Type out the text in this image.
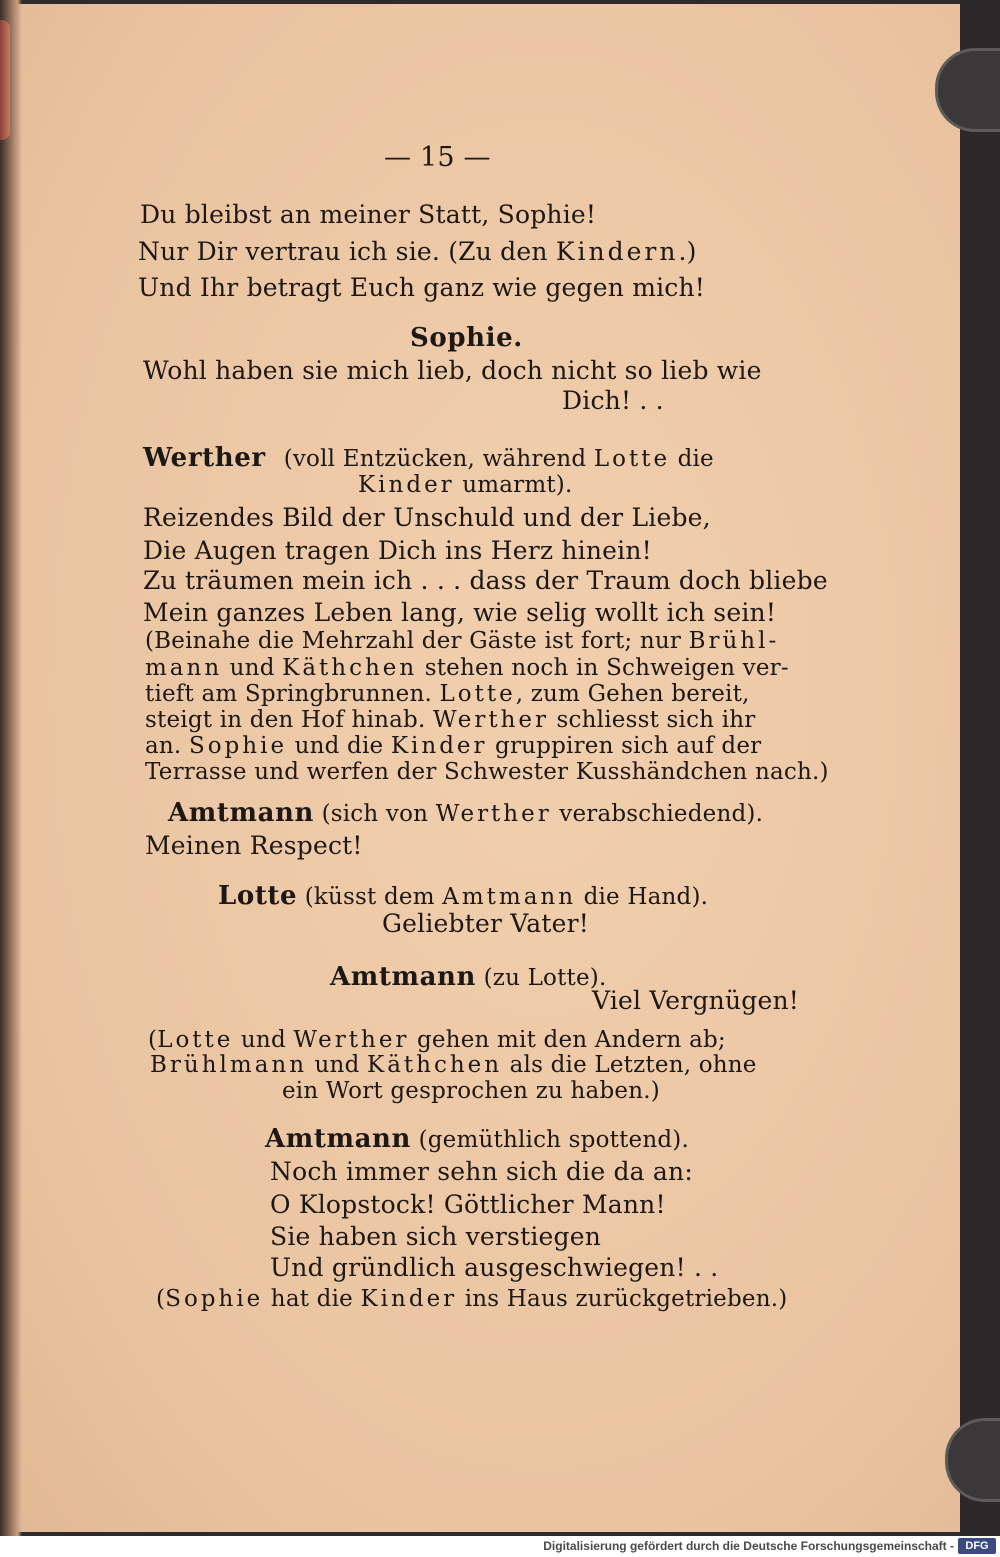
— 15 —
Du bleibst an meiner Statt, Sophie!
Nur Dir vertrau ich sie. (Zu den Kindern.)
Und Ihr betragt Euch ganz wie gegen mich!
Sophie.
Wohl haben sie mich lieb, doch nicht so lieb wie
Dich! . .
Werther (voll Entzücken, während Lotte die
Kinder umarmt).
Reizendes Bild der Unschuld und der Liebe,
Die Augen tragen Dich ins Herz hinein!
Zu träumen mein ich . . . dass der Traum doch bliebe
Mein ganzes Leben lang, wie selig wollt ich sein!
(Beinahe die Mehrzahl der Gäste ist fort; nur Brühl-
mann und Käthchen stehen noch in Schweigen ver-
tieft am Springbrunnen. Lotte, zum Gehen bereit,
steigt in den Hof hinab. Werther schliesst sich ihr
an. Sophie und die Kinder gruppiren sich auf der
Terrasse und werfen der Schwester Kusshändchen nach.)
Amtmann (sich von Werther verabschiedend).
Meinen Respect!
Lotte (küsst dem Amtmann die Hand).
Geliebter Vater!
Amtmann (zu Lotte).
Viel Vergnügen!
(Lotte und Werther gehen mit den Andern ab;
Brühlmann und Käthchen als die Letzten, ohne
ein Wort gesprochen zu haben.)
Amtmann (gemüthlich spottend).
Noch immer sehn sich die da an:
O Klopstock! Göttlicher Mann!
Sie haben sich verstiegen
Und gründlich ausgeschwiegen! . .
(Sophie hat die Kinder ins Haus zurückgetrieben.)
Digitalisierung gefördert durch die Deutsche Forschungsgemeinschaft -	DFG
